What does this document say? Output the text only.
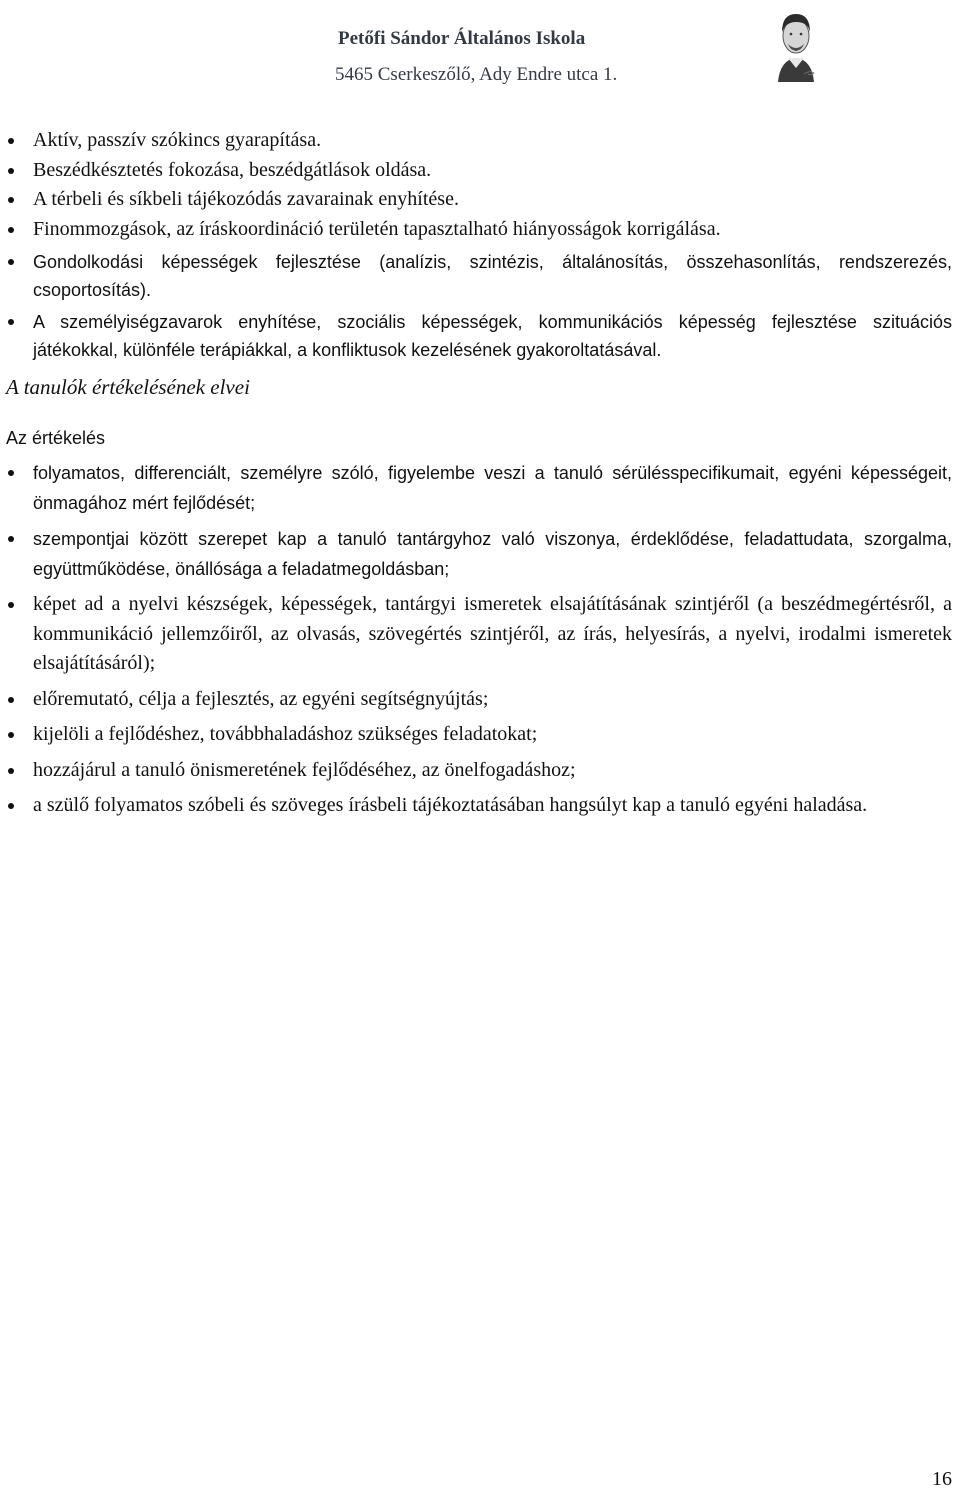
Petőfi Sándor Általános Iskola
5465 Cserkeszőlő, Ady Endre utca 1.
Aktív, passzív szókincs gyarapítása.
Beszédkésztetés fokozása, beszédgátlások oldása.
A térbeli és síkbeli tájékozódás zavarainak enyhítése.
Finommozgások, az íráskoordináció területén tapasztalható hiányosságok korrigálása.
Gondolkodási képességek fejlesztése (analízis, szintézis, általánosítás, összehasonlítás, rendszerezés, csoportosítás).
A személyiségzavarok enyhítése, szociális képességek, kommunikációs képesség fejlesztése szituációs játékokkal, különféle terápiákkal, a konfliktusok kezelésének gyakoroltatásával.
A tanulók értékelésének elvei
Az értékelés
folyamatos, differenciált, személyre szóló, figyelembe veszi a tanuló sérülésspecifikumait, egyéni képességeit, önmagához mért fejlődését;
szempontjai között szerepet kap a tanuló tantárgyhoz való viszonya, érdeklődése, feladattudata, szorgalma, együttműködése, önállósága a feladatmegoldásban;
képet ad a nyelvi készségek, képességek, tantárgyi ismeretek elsajátításának szintjéről (a beszédmegértésről, a kommunikáció jellemzőiről, az olvasás, szövegértés szintjéről, az írás, helyesírás, a nyelvi, irodalmi ismeretek elsajátításáról);
előremutató, célja a fejlesztés, az egyéni segítségnyújtás;
kijelöli a fejlődéshez, továbbhaladáshoz szükséges feladatokat;
hozzájárul a tanuló önismeretének fejlődéséhez, az önelfogadáshoz;
a szülő folyamatos szóbeli és szöveges írásbeli tájékoztatásában hangsúlyt kap a tanuló egyéni haladása.
16
